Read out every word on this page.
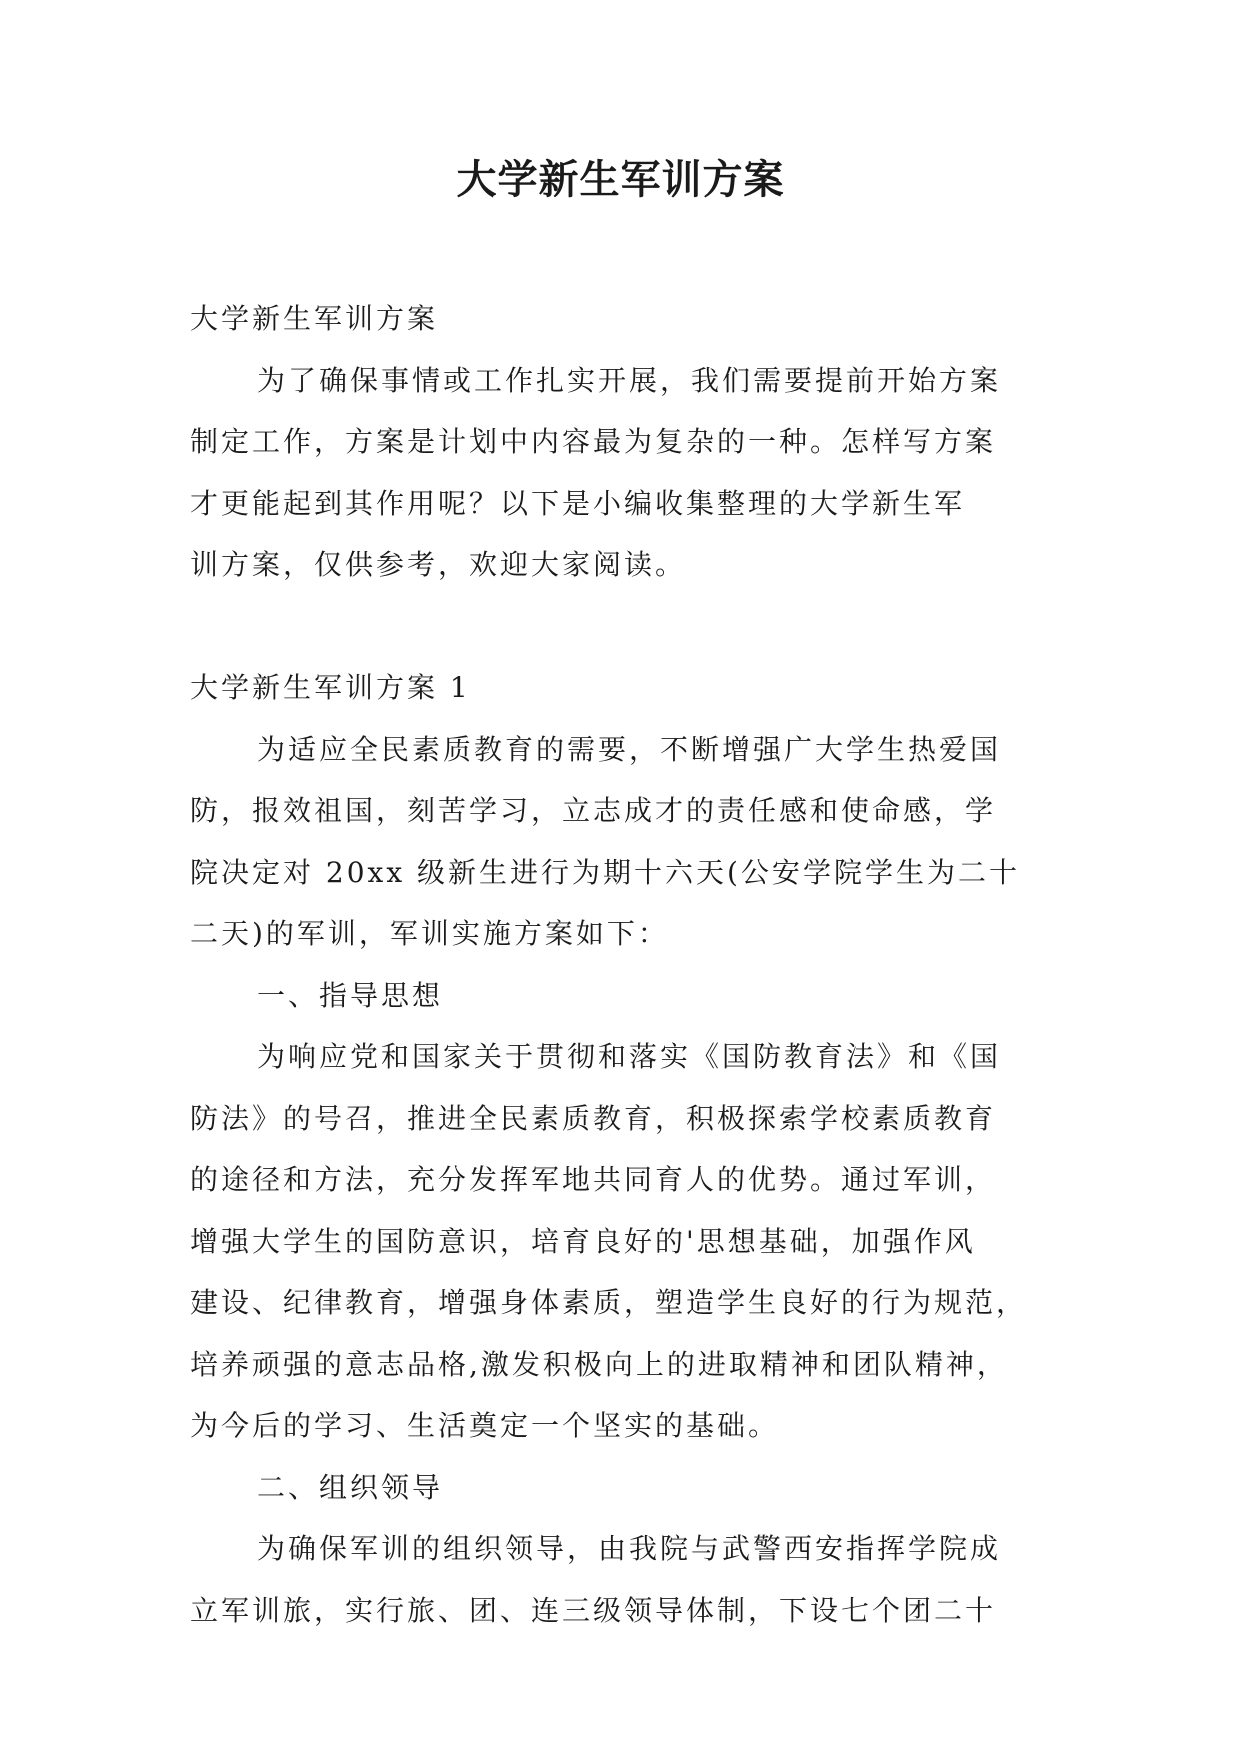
大学新生军训方案
大学新生军训方案
为了确保事情或工作扎实开展，我们需要提前开始方案
制定工作，方案是计划中内容最为复杂的一种。怎样写方案
才更能起到其作用呢？以下是小编收集整理的大学新生军
训方案，仅供参考，欢迎大家阅读。
大学新生军训方案 1
为适应全民素质教育的需要，不断增强广大学生热爱国
防，报效祖国，刻苦学习，立志成才的责任感和使命感，学
院决定对 20xx 级新生进行为期十六天(公安学院学生为二十
二天)的军训，军训实施方案如下：
一、指导思想
为响应党和国家关于贯彻和落实《国防教育法》和《国
防法》的号召，推进全民素质教育，积极探索学校素质教育
的途径和方法，充分发挥军地共同育人的优势。通过军训，
增强大学生的国防意识，培育良好的'思想基础，加强作风
建设、纪律教育，增强身体素质，塑造学生良好的行为规范，
培养顽强的意志品格,激发积极向上的进取精神和团队精神，
为今后的学习、生活奠定一个坚实的基础。
二、组织领导
为确保军训的组织领导，由我院与武警西安指挥学院成
立军训旅，实行旅、团、连三级领导体制，下设七个团二十
